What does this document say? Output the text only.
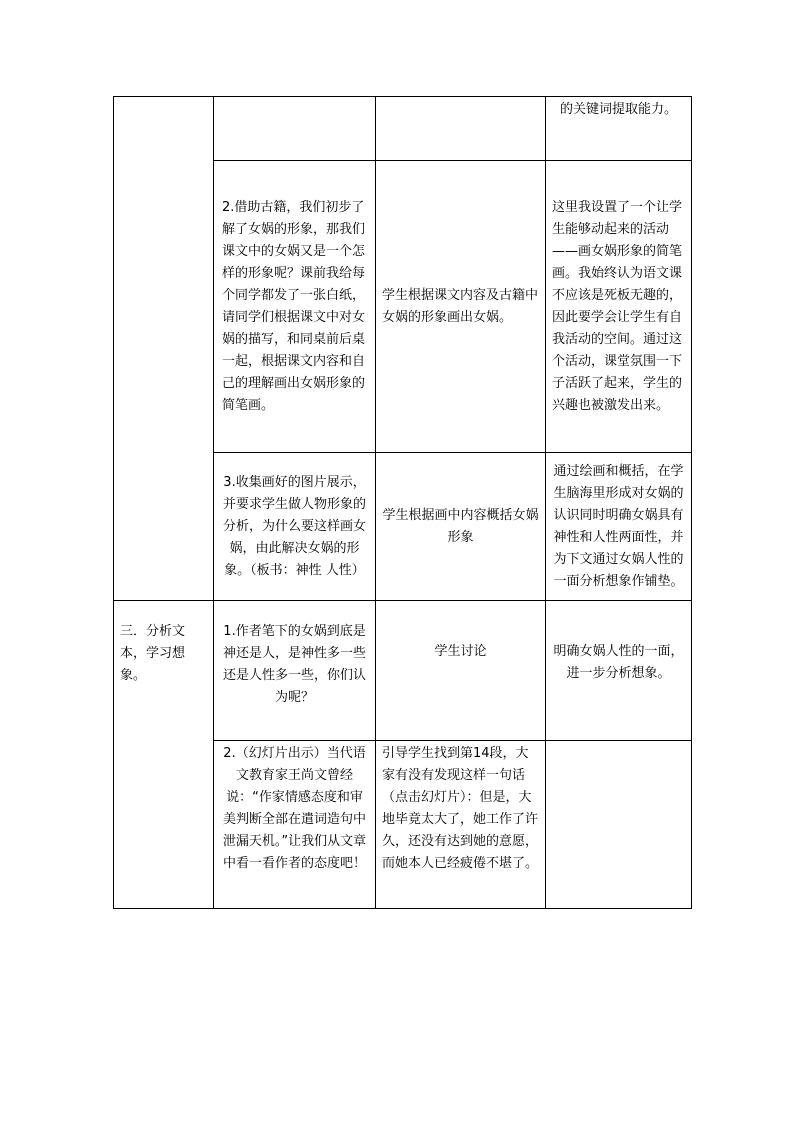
			的关键词提取能力。
	2.借助古籍，我们初步了解了女娲的形象，那我们课文中的女娲又是一个怎样的形象呢？课前我给每个同学都发了一张白纸，请同学们根据课文中对女娲的描写，和同桌前后桌一起，根据课文内容和自己的理解画出女娲形象的简笔画。	学生根据课文内容及古籍中女娲的形象画出女娲。	这里我设置了一个让学生能够动起来的活动——画女娲形象的简笔画。我始终认为语文课不应该是死板无趣的，因此要学会让学生有自我活动的空间。通过这个活动，课堂氛围一下子活跃了起来，学生的兴趣也被激发出来。
	3.收集画好的图片展示，并要求学生做人物形象的分析，为什么要这样画女娲，由此解决女娲的形象。（板书：神性 人性）	学生根据画中内容概括女娲形象	通过绘画和概括，在学生脑海里形成对女娲的认识同时明确女娲具有神性和人性两面性，并为下文通过女娲人性的一面分析想象作铺垫。
三．分析文本，学习想象。	1.作者笔下的女娲到底是神还是人，是神性多一些还是人性多一些，你们认为呢？	学生讨论	明确女娲人性的一面，进一步分析想象。
	2.（幻灯片出示）当代语文教育家王尚文曾经说：“作家情感态度和审美判断全部在遣词造句中泄漏天机。”让我们从文章中看一看作者的态度吧！	引导学生找到第14段，大家有没有发现这样一句话（点击幻灯片）：但是，大地毕竟太大了，她工作了许久，还没有达到她的意愿，而她本人已经疲倦不堪了。	
